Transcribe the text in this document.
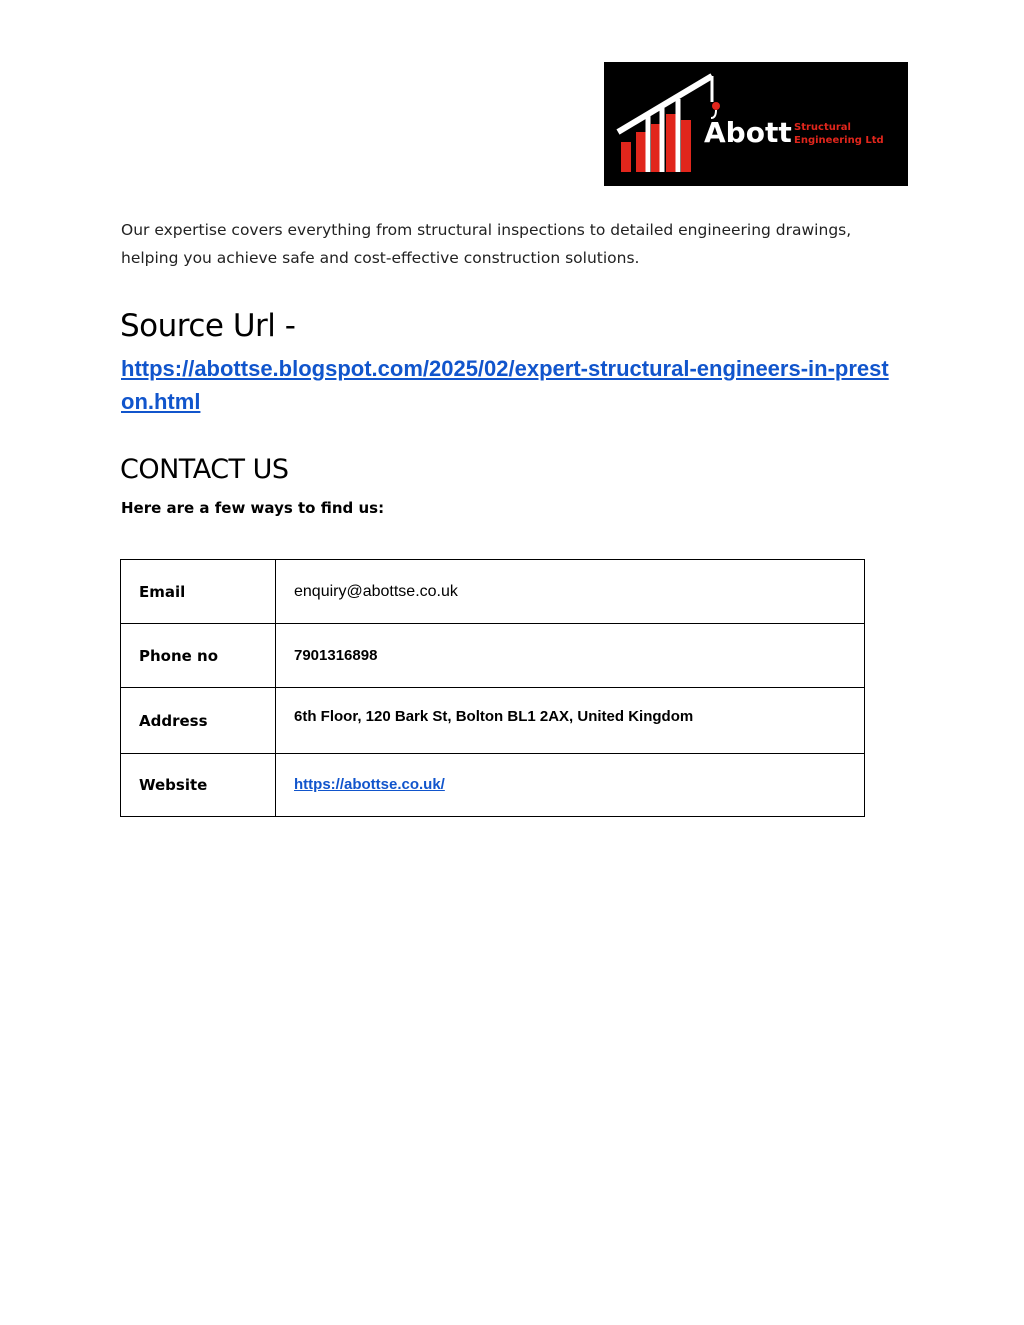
Abott Structural
Engineering Ltd
Our expertise covers everything from structural inspections to detailed engineering drawings, helping you achieve safe and cost-effective construction solutions.
Source Url -
https://abottse.blogspot.com/2025/02/expert-structural-engineers-in-preston.html
CONTACT US
Here are a few ways to find us:
Email	enquiry@abottse.co.uk
Phone no	7901316898
Address	6th Floor, 120 Bark St, Bolton BL1 2AX, United Kingdom
Website	https://abottse.co.uk/
